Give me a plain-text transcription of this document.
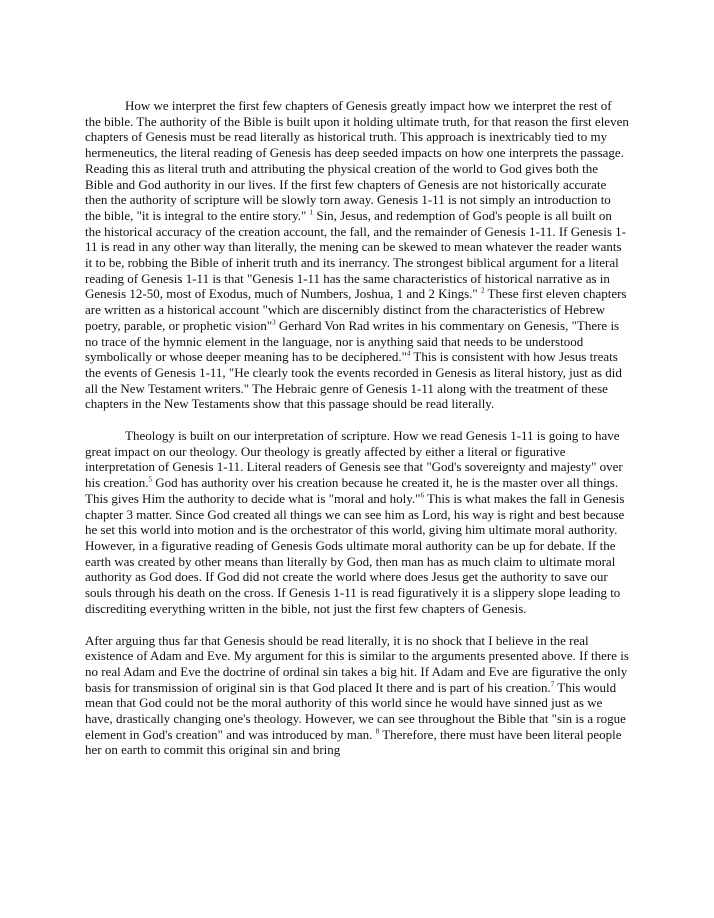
How we interpret the first few chapters of Genesis greatly impact how we interpret the rest of the bible. The authority of the Bible is built upon it holding ultimate truth, for that reason the first eleven chapters of Genesis must be read literally as historical truth. This approach is inextricably tied to my hermeneutics, the literal reading of Genesis has deep seeded impacts on how one interprets the passage. Reading this as literal truth and attributing the physical creation of the world to God gives both the Bible and God authority in our lives. If the first few chapters of Genesis are not historically accurate then the authority of scripture will be slowly torn away. Genesis 1-11 is not simply an introduction to the bible, "it is integral to the entire story." $^1$ Sin, Jesus, and redemption of God's people is all built on the historical accuracy of the creation account, the fall, and the remainder of Genesis 1-11. If Genesis 1-11 is read in any other way than literally, the mening can be skewed to mean whatever the reader wants it to be, robbing the Bible of inherit truth and its inerrancy. The strongest biblical argument for a literal reading of Genesis 1-11 is that "Genesis 1-11 has the same characteristics of historical narrative as in Genesis 12-50, most of Exodus, much of Numbers, Joshua, 1 and 2 Kings." $^2$ These first eleven chapters are written as a historical account "which are discernibly distinct from the characteristics of Hebrew poetry, parable, or prophetic vision"$^3$ Gerhard Von Rad writes in his commentary on Genesis, "There is no trace of the hymnic element in the language, nor is anything said that needs to be understood symbolically or whose deeper meaning has to be deciphered."$^4$ This is consistent with how Jesus treats the events of Genesis 1-11, "He clearly took the events recorded in Genesis as literal history, just as did all the New Testament writers." The Hebraic genre of Genesis 1-11 along with the treatment of these chapters in the New Testaments show that this passage should be read literally.

Theology is built on our interpretation of scripture. How we read Genesis 1-11 is going to have great impact on our theology. Our theology is greatly affected by either a literal or figurative interpretation of Genesis 1-11. Literal readers of Genesis see that "God's sovereignty and majesty" over his creation.$^5$ God has authority over his creation because he created it, he is the master over all things. This gives Him the authority to decide what is "moral and holy."$^6$ This is what makes the fall in Genesis chapter 3 matter. Since God created all things we can see him as Lord, his way is right and best because he set this world into motion and is the orchestrator of this world, giving him ultimate moral authority. However, in a figurative reading of Genesis Gods ultimate moral authority can be up for debate. If the earth was created by other means than literally by God, then man has as much claim to ultimate moral authority as God does. If God did not create the world where does Jesus get the authority to save our souls through his death on the cross. If Genesis 1-11 is read figuratively it is a slippery slope leading to discrediting everything written in the bible, not just the first few chapters of Genesis.

After arguing thus far that Genesis should be read literally, it is no shock that I believe in the real existence of Adam and Eve. My argument for this is similar to the arguments presented above. If there is no real Adam and Eve the doctrine of ordinal sin takes a big hit. If Adam and Eve are figurative the only basis for transmission of original sin is that God placed It there and is part of his creation.$^7$ This would mean that God could not be the moral authority of this world since he would have sinned just as we have, drastically changing one's theology. However, we can see throughout the Bible that "sin is a rogue element in God's creation" and was introduced by man. $^8$ Therefore, there must have been literal people her on earth to commit this original sin and bring
